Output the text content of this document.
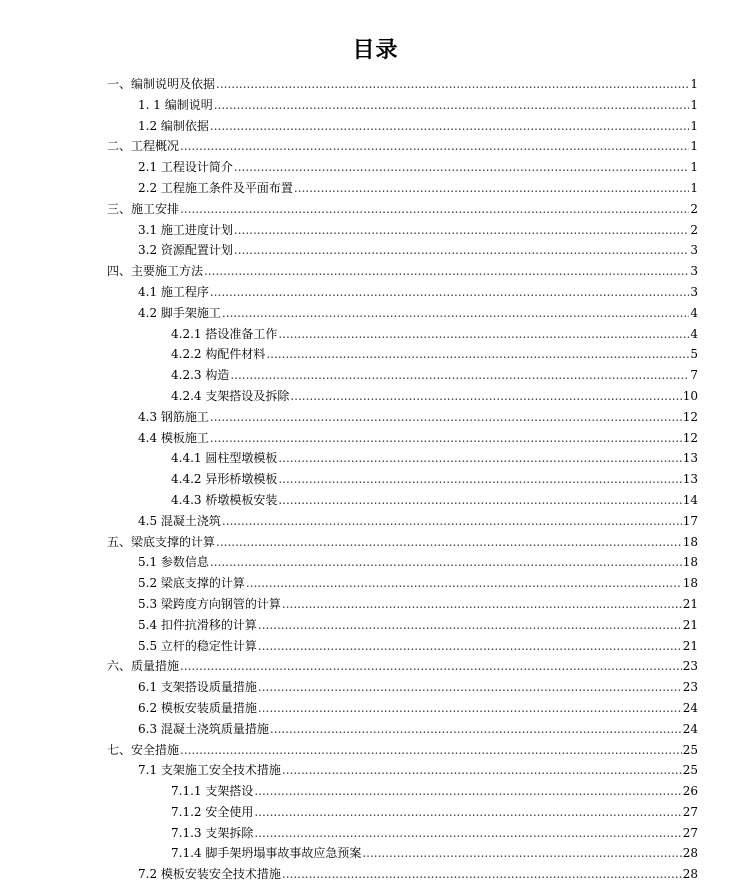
目录
一、编制说明及依据 .....	1
1. 1 编制说明 .....	1
1.2 编制依据 .....	1
二、工程概况 .....	1
2.1 工程设计简介 .....	1
2.2 工程施工条件及平面布置 .....	1
三、施工安排 .....	2
3.1 施工进度计划 .....	2
3.2 资源配置计划 .....	3
四、主要施工方法 .....	3
4.1 施工程序 .....	3
4.2 脚手架施工 .....	4
4.2.1 搭设准备工作 .....	4
4.2.2 构配件材料 .....	5
4.2.3 构造 .....	7
4.2.4 支架搭设及拆除 .....	10
4.3 钢筋施工 .....	12
4.4 模板施工 .....	12
4.4.1 圆柱型墩模板 .....	13
4.4.2 异形桥墩模板 .....	13
4.4.3 桥墩模板安装 .....	14
4.5 混凝土浇筑 .....	17
五、梁底支撑的计算 .....	18
5.1 参数信息 .....	18
5.2 梁底支撑的计算 .....	18
5.3 梁跨度方向钢管的计算 .....	21
5.4 扣件抗滑移的计算 .....	21
5.5 立杆的稳定性计算 .....	21
六、质量措施 .....	23
6.1 支架搭设质量措施 .....	23
6.2 模板安装质量措施 .....	24
6.3 混凝土浇筑质量措施 .....	24
七、安全措施 .....	25
7.1 支架施工安全技术措施 .....	25
7.1.1 支架搭设 .....	26
7.1.2 安全使用 .....	27
7.1.3 支架拆除 .....	27
7.1.4 脚手架坍塌事故事故应急预案 .....	28
7.2 模板安装安全技术措施 .....	28
